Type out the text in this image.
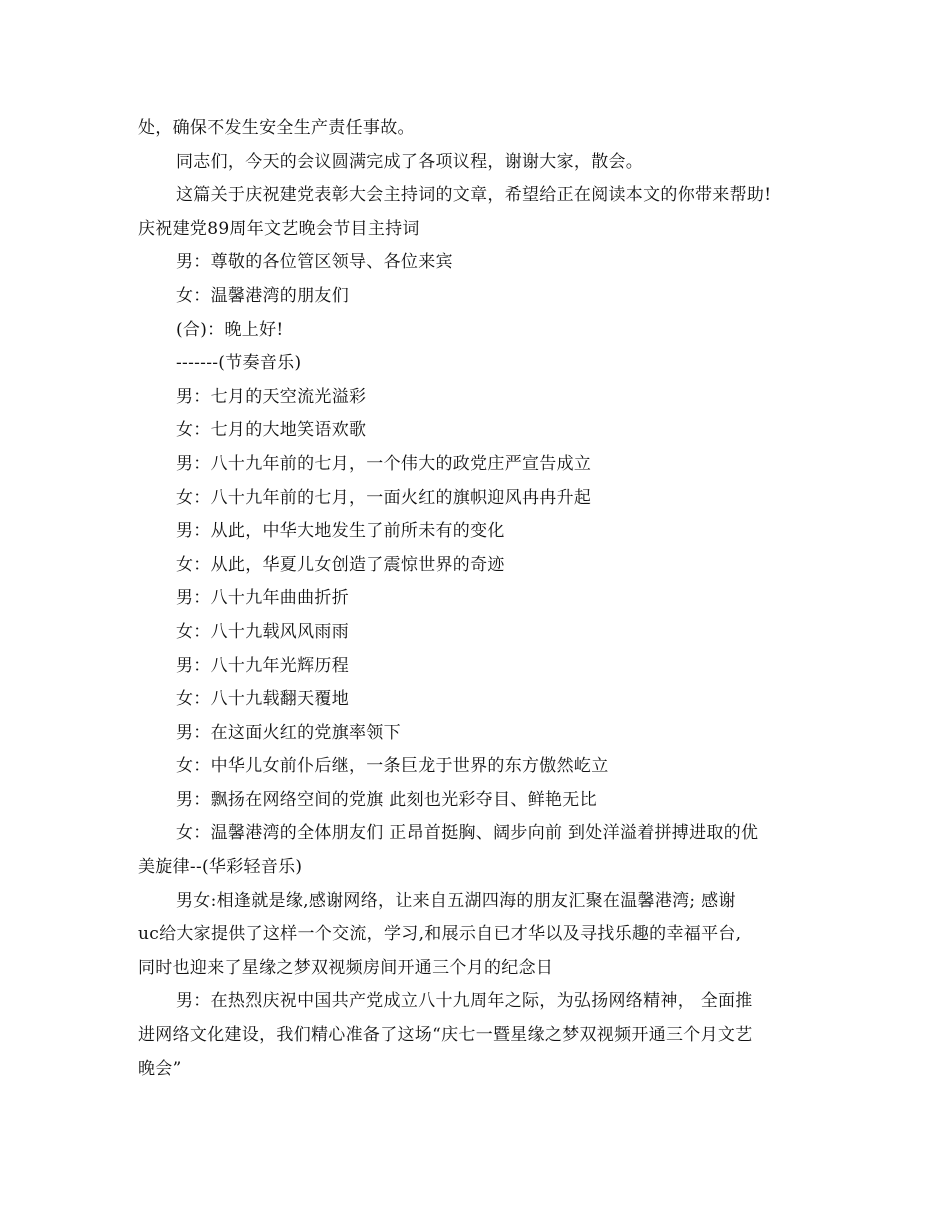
处，确保不发生安全生产责任事故。
同志们，今天的会议圆满完成了各项议程，谢谢大家，散会。
这篇关于庆祝建党表彰大会主持词的文章，希望给正在阅读本文的你带来帮助!
庆祝建党89周年文艺晚会节目主持词
男：尊敬的各位管区领导、各位来宾
女：温馨港湾的朋友们
(合)：晚上好!
-------(节奏音乐)
男：七月的天空流光溢彩
女：七月的大地笑语欢歌
男：八十九年前的七月，一个伟大的政党庄严宣告成立
女：八十九年前的七月，一面火红的旗帜迎风冉冉升起
男：从此，中华大地发生了前所未有的变化
女：从此，华夏儿女创造了震惊世界的奇迹
男：八十九年曲曲折折
女：八十九载风风雨雨
男：八十九年光辉历程
女：八十九载翻天覆地
男：在这面火红的党旗率领下
女：中华儿女前仆后继，一条巨龙于世界的东方傲然屹立
男：飘扬在网络空间的党旗 此刻也光彩夺目、鲜艳无比
女：温馨港湾的全体朋友们 正昂首挺胸、阔步向前 到处洋溢着拼搏进取的优
美旋律--(华彩轻音乐)
男女:相逢就是缘,感谢网络，让来自五湖四海的朋友汇聚在温馨港湾; 感谢
uc给大家提供了这样一个交流，学习,和展示自已才华以及寻找乐趣的幸福平台,
同时也迎来了星缘之梦双视频房间开通三个月的纪念日
男：在热烈庆祝中国共产党成立八十九周年之际，为弘扬网络精神， 全面推
进网络文化建设，我们精心准备了这场“庆七一暨星缘之梦双视频开通三个月文艺
晚会”
